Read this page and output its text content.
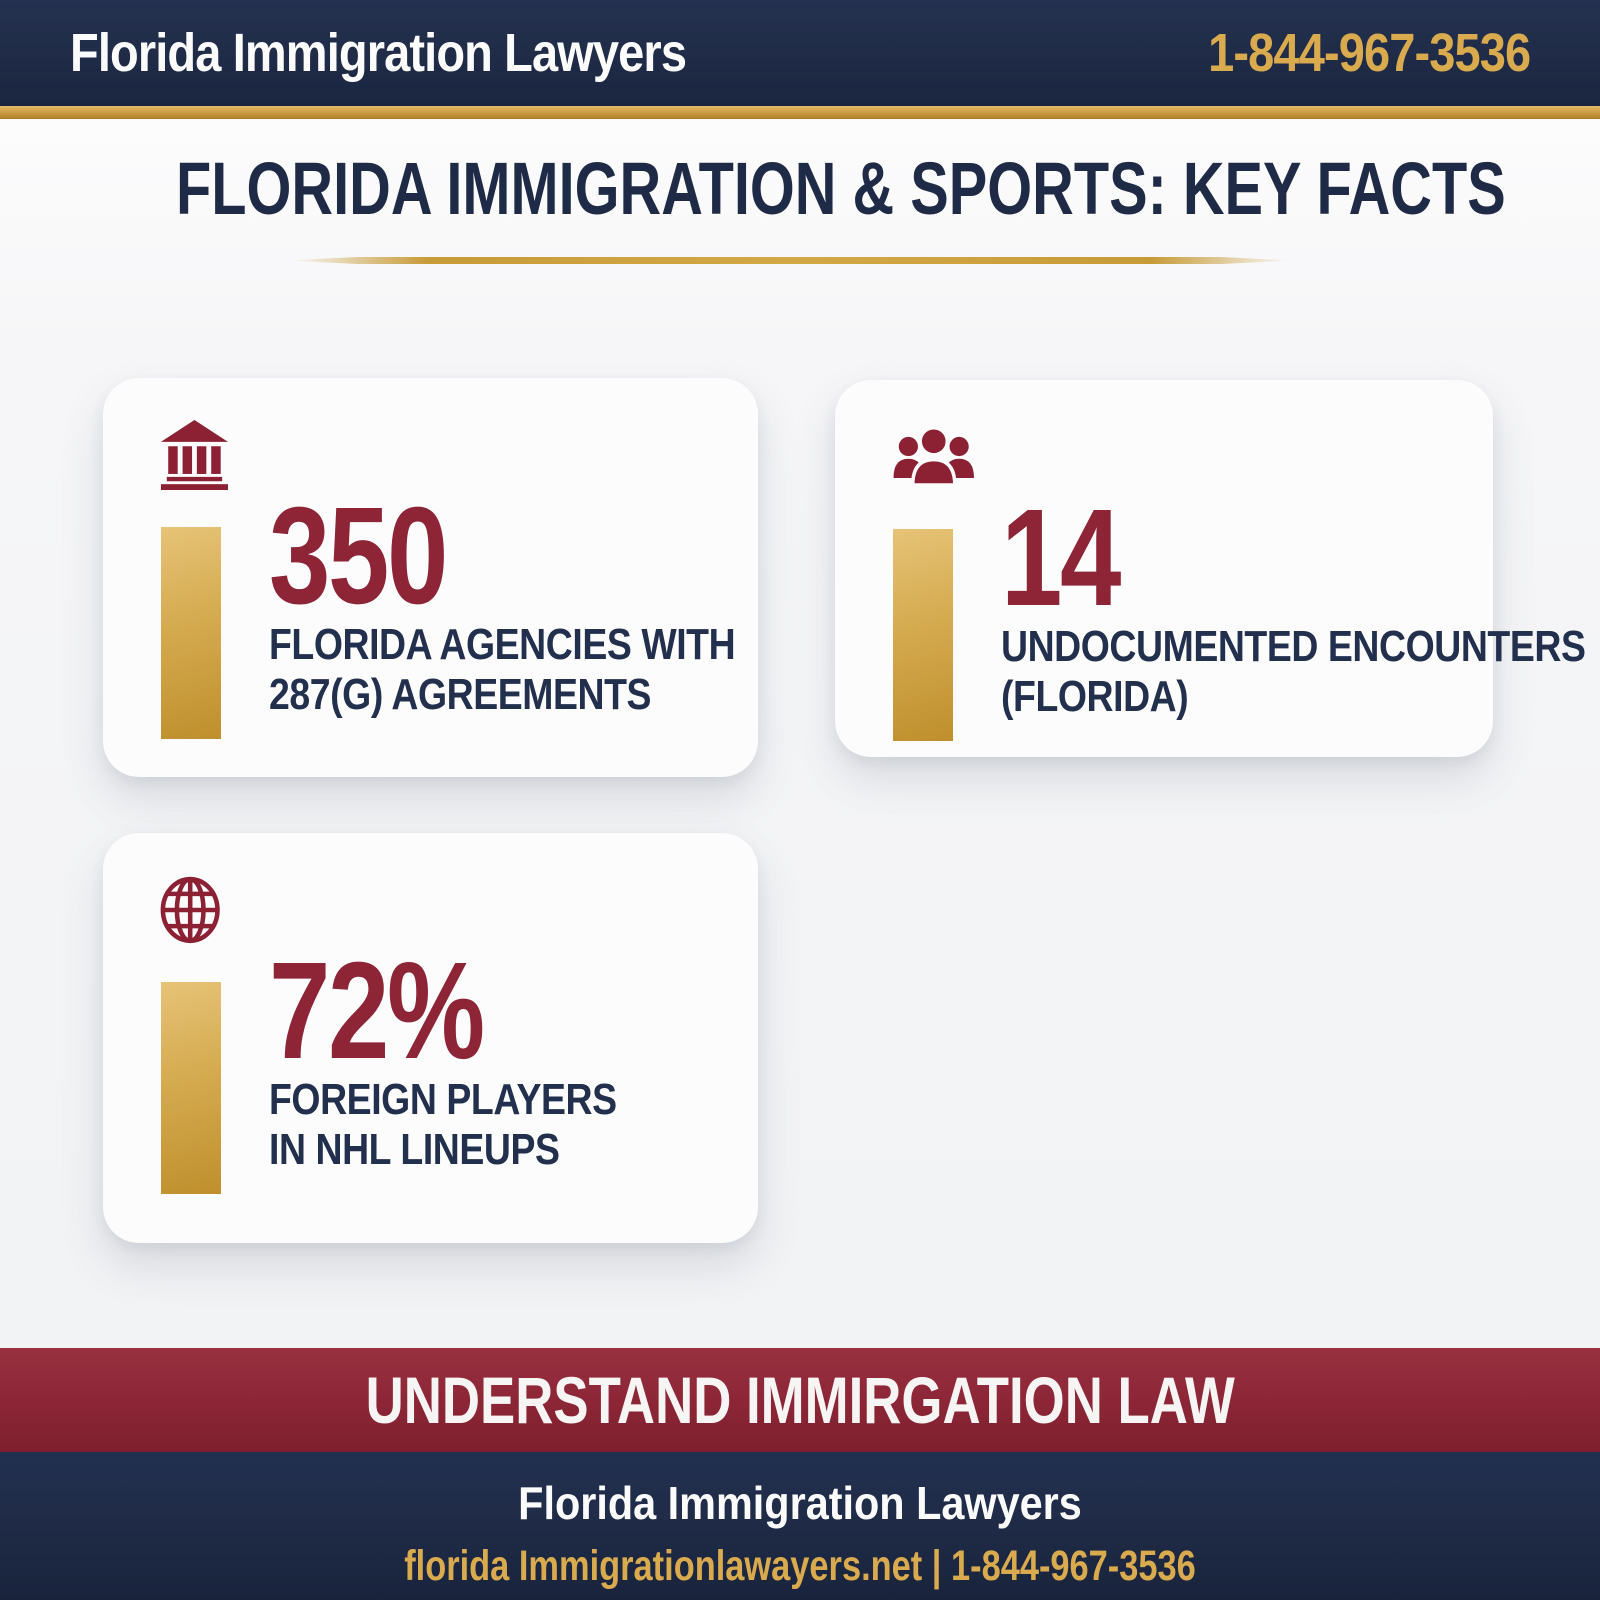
Florida Immigration Lawyers	1-844-967-3536
FLORIDA IMMIGRATION & SPORTS: KEY FACTS
350
FLORIDA AGENCIES WITH
287(G) AGREEMENTS
14
UNDOCUMENTED ENCOUNTERS
(FLORIDA)
72%
FOREIGN PLAYERS
IN NHL LINEUPS
UNDERSTAND IMMIRGATION LAW
Florida Immigration Lawyers
florida Immigrationlawayers.net | 1-844-967-3536
